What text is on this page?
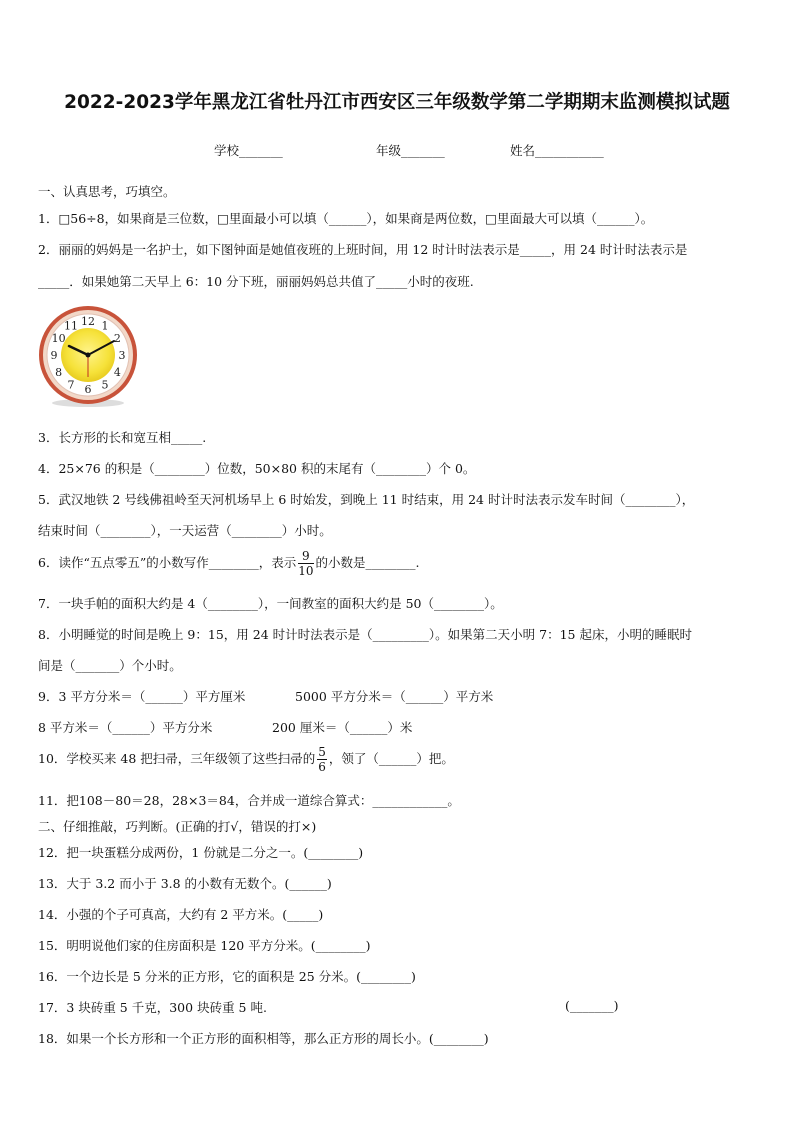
2022-2023学年黑龙江省牡丹江市西安区三年级数学第二学期期末监测模拟试题
学校_______	年级_______	姓名___________
一、认真思考，巧填空。
1．□56÷8，如果商是三位数，□里面最小可以填（______），如果商是两位数，□里面最大可以填（______）。
2．丽丽的妈妈是一名护士，如下图钟面是她值夜班的上班时间，用 12 时计时法表示是_____，用 24 时计时法表示是
_____．如果她第二天早上 6：10 分下班，丽丽妈妈总共值了_____小时的夜班.
12 1
2
3
4
5
6
7
8
9
10
11
3．长方形的长和宽互相_____.
4．25×76 的积是（________）位数，50×80 积的末尾有（________）个 0。
5．武汉地铁 2 号线佛祖岭至天河机场早上 6 时始发，到晚上 11 时结束，用 24 时计时法表示发车时间（________），
结束时间（________），一天运营（________）小时。
6．读作“五点零五”的小数写作________，表示 $\frac{9}{10}$ 的小数是________.
7．一块手帕的面积大约是 4（________），一间教室的面积大约是 50（________）。
8．小明睡觉的时间是晚上 9：15，用 24 时计时法表示是（_________）。如果第二天小明 7：15 起床，小明的睡眠时
间是（_______）个小时。
9．3 平方分米＝（______）平方厘米	5000 平方分米＝（______）平方米
8 平方米＝（______）平方分米	200 厘米＝（______）米
10．学校买来 48 把扫帚，三年级领了这些扫帚的 $\frac{5}{6}$ ，领了（______）把。
11．把108－80＝28，28×3＝84，合并成一道综合算式：____________。
二、仔细推敲，巧判断。(正确的打√，错误的打×)
12．把一块蛋糕分成两份，1 份就是二分之一。(________)
13．大于 3.2 而小于 3.8 的小数有无数个。(______)
14．小强的个子可真高，大约有 2 平方米。(_____)
15．明明说他们家的住房面积是 120 平方分米。(________)
16．一个边长是 5 分米的正方形，它的面积是 25 分米。(________)
17．3 块砖重 5 千克，300 块砖重 5 吨.	(_______)
18．如果一个长方形和一个正方形的面积相等，那么正方形的周长小。(________)
